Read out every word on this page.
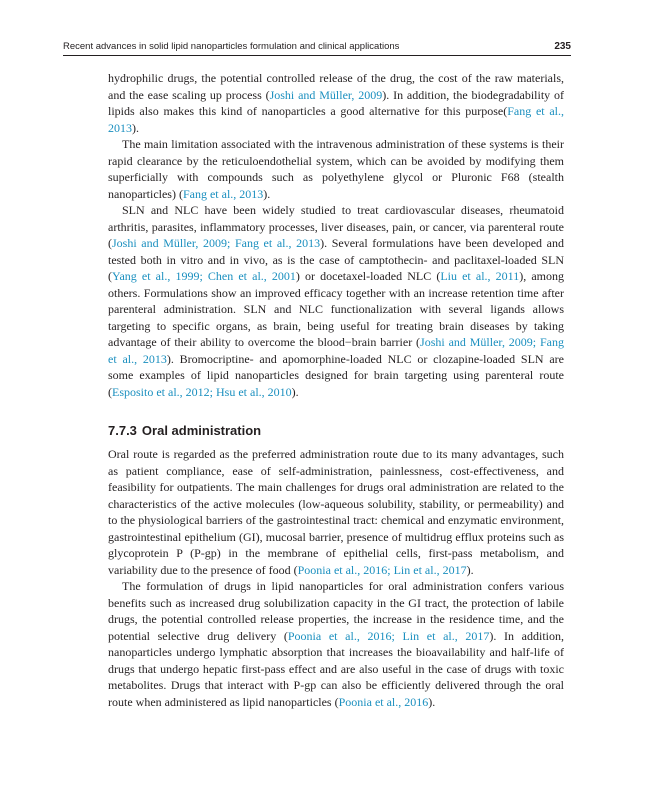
Recent advances in solid lipid nanoparticles formulation and clinical applications	235

hydrophilic drugs, the potential controlled release of the drug, the cost of the raw materials, and the ease scaling up process (Joshi and Müller, 2009). In addition, the biodegradability of lipids also makes this kind of nanoparticles a good alternative for this purpose(Fang et al., 2013).

The main limitation associated with the intravenous administration of these systems is their rapid clearance by the reticuloendothelial system, which can be avoided by modifying them superficially with compounds such as polyethylene glycol or Pluronic F68 (stealth nanoparticles) (Fang et al., 2013).

SLN and NLC have been widely studied to treat cardiovascular diseases, rheumatoid arthritis, parasites, inflammatory processes, liver diseases, pain, or cancer, via parenteral route (Joshi and Müller, 2009; Fang et al., 2013). Several formulations have been developed and tested both in vitro and in vivo, as is the case of camptothecin- and paclitaxel-loaded SLN (Yang et al., 1999; Chen et al., 2001) or docetaxel-loaded NLC (Liu et al., 2011), among others. Formulations show an improved efficacy together with an increase retention time after parenteral administration. SLN and NLC functionalization with several ligands allows targeting to specific organs, as brain, being useful for treating brain diseases by taking advantage of their ability to overcome the blood−brain barrier (Joshi and Müller, 2009; Fang et al., 2013). Bromocriptine- and apomorphine-loaded NLC or clozapine-loaded SLN are some examples of lipid nanoparticles designed for brain targeting using parenteral route (Esposito et al., 2012; Hsu et al., 2010).

7.7.3 Oral administration

Oral route is regarded as the preferred administration route due to its many advantages, such as patient compliance, ease of self-administration, painlessness, cost-effectiveness, and feasibility for outpatients. The main challenges for drugs oral administration are related to the characteristics of the active molecules (low-aqueous solubility, stability, or permeability) and to the physiological barriers of the gastrointestinal tract: chemical and enzymatic environment, gastrointestinal epithelium (GI), mucosal barrier, presence of multidrug efflux proteins such as glycoprotein P (P-gp) in the membrane of epithelial cells, first-pass metabolism, and variability due to the presence of food (Poonia et al., 2016; Lin et al., 2017).

The formulation of drugs in lipid nanoparticles for oral administration confers various benefits such as increased drug solubilization capacity in the GI tract, the protection of labile drugs, the potential controlled release properties, the increase in the residence time, and the potential selective drug delivery (Poonia et al., 2016; Lin et al., 2017). In addition, nanoparticles undergo lymphatic absorption that increases the bioavailability and half-life of drugs that undergo hepatic first-pass effect and are also useful in the case of drugs with toxic metabolites. Drugs that interact with P-gp can also be efficiently delivered through the oral route when administered as lipid nanoparticles (Poonia et al., 2016).
